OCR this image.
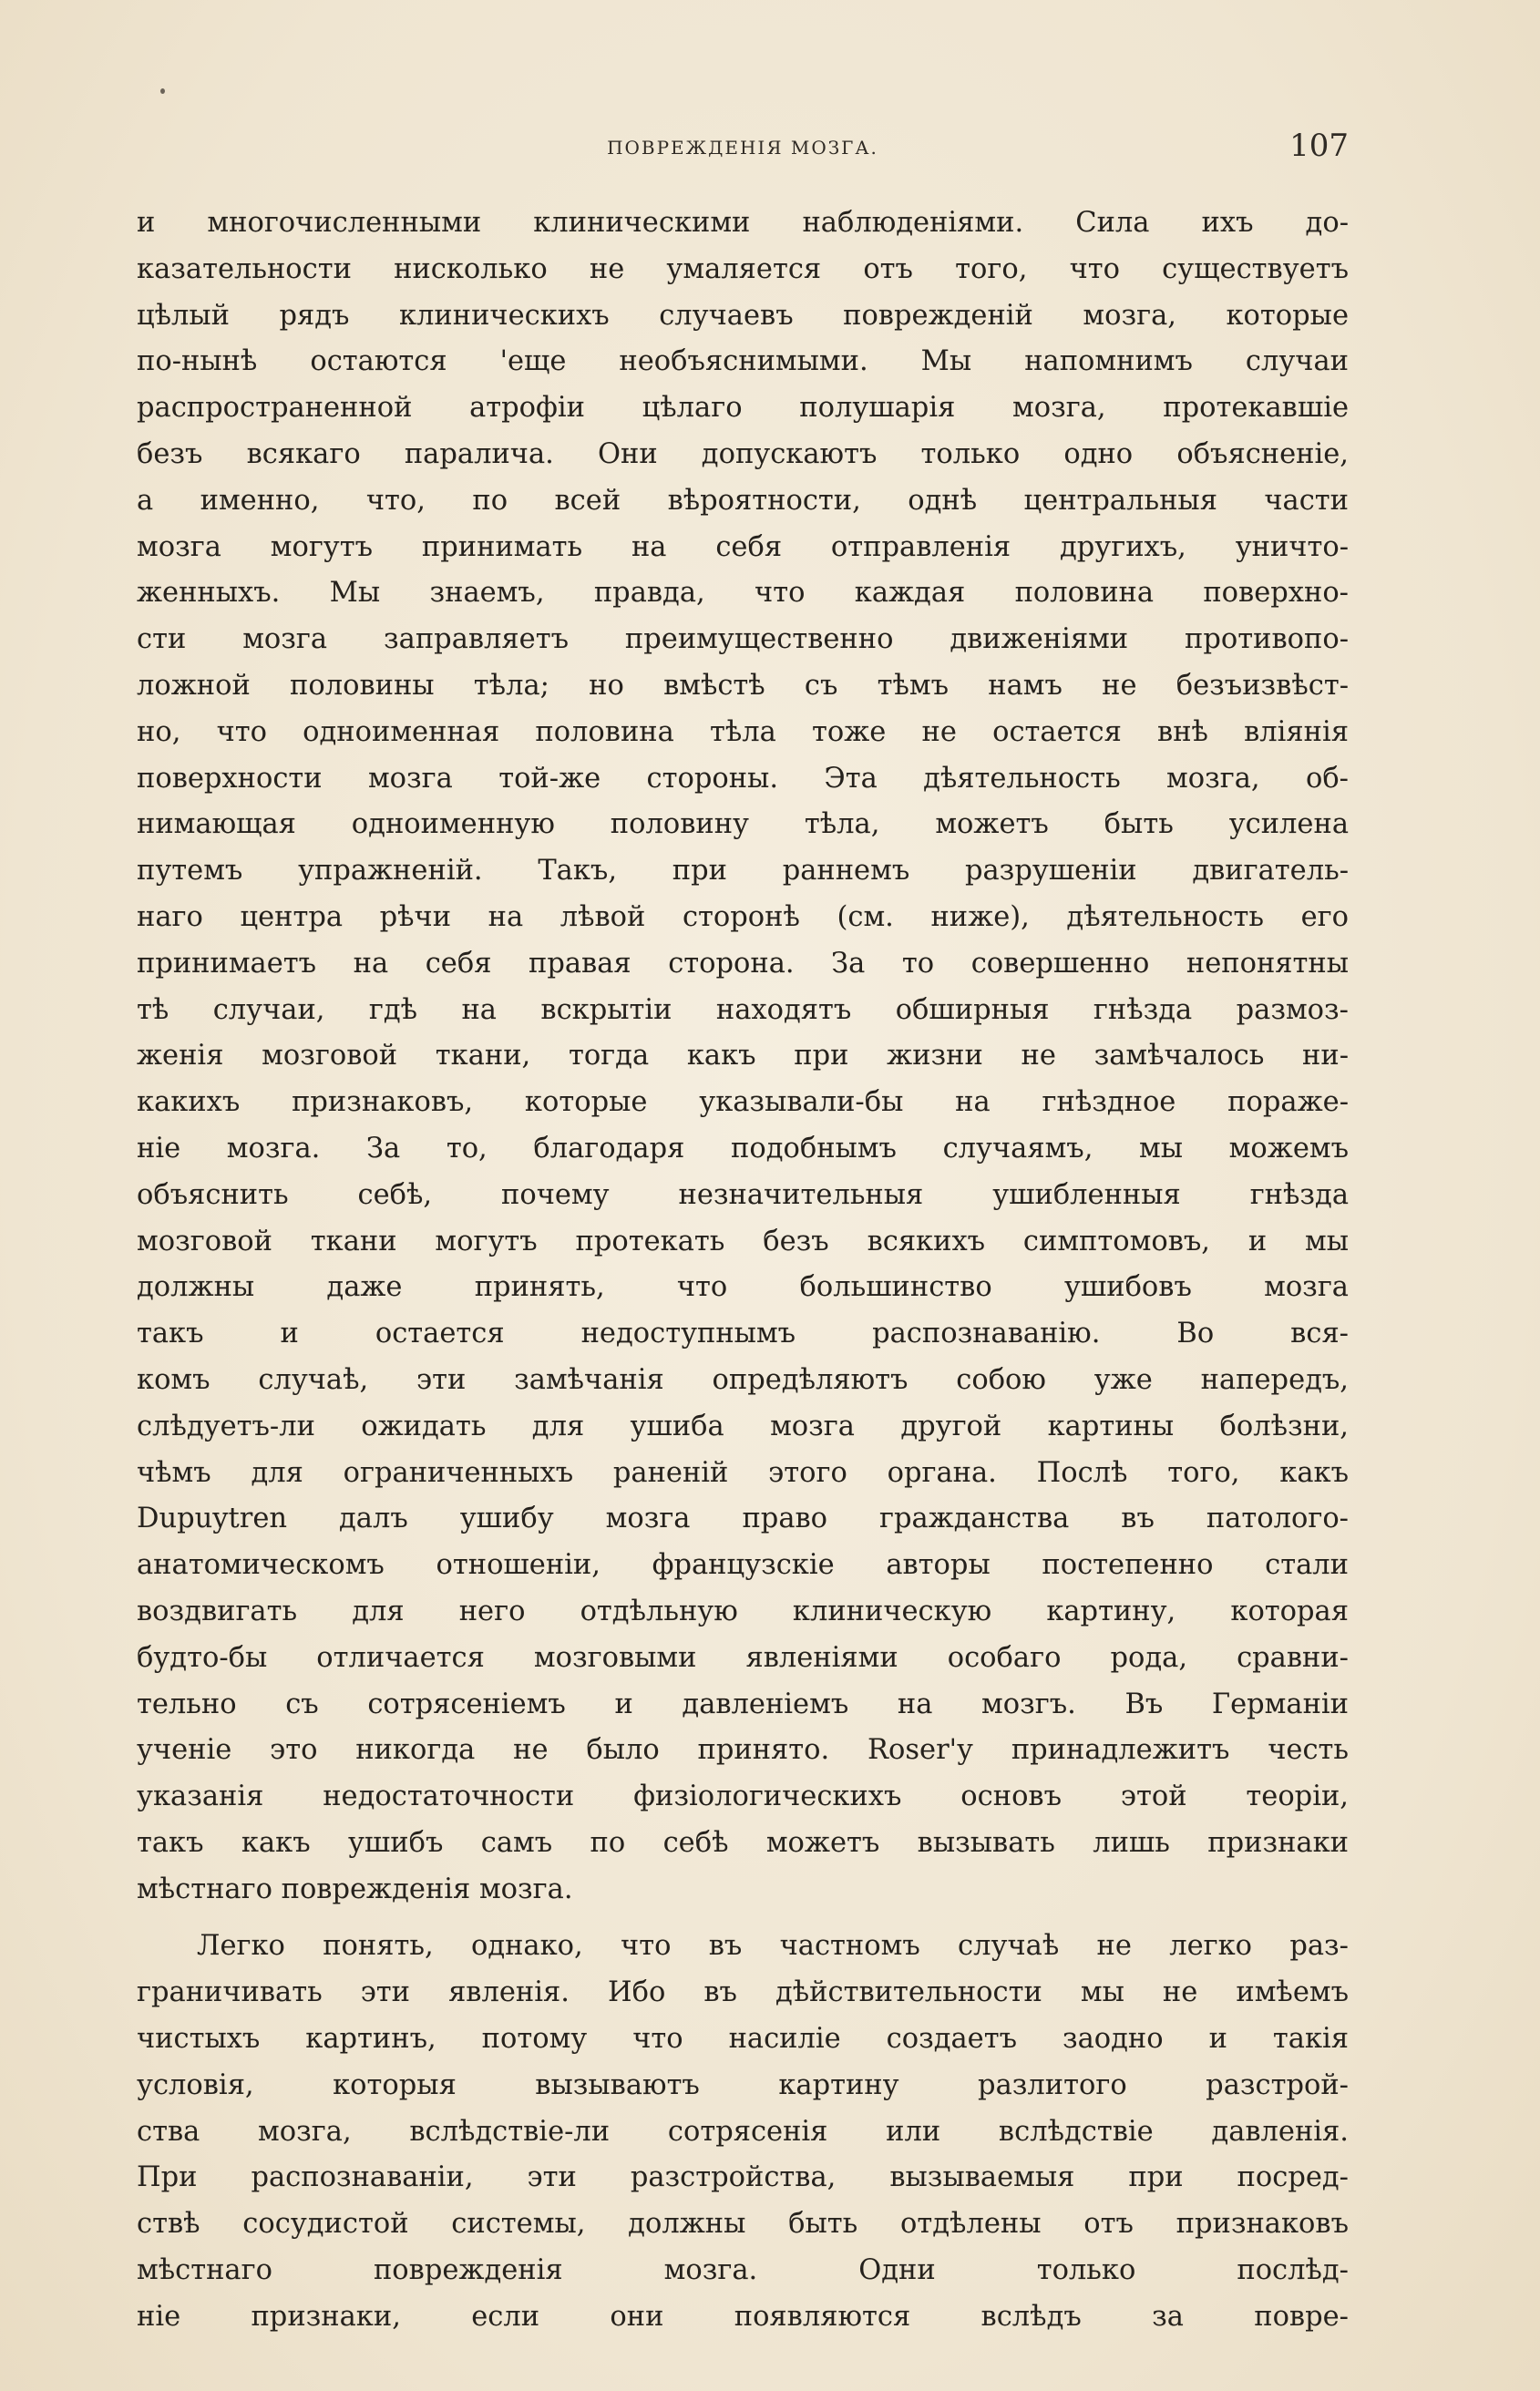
ПОВРЕЖДЕНІЯ МОЗГА.	107
и многочисленными клиническими наблюденіями. Сила ихъ до-
казательности нисколько не умаляется отъ того, что существуетъ
цѣлый рядъ клиническихъ случаевъ поврежденій мозга, которые
по-нынѣ остаются 'еще необъяснимыми. Мы напомнимъ случаи
распространенной атрофіи цѣлаго полушарія мозга, протекавшіе
безъ всякаго паралича. Они допускаютъ только одно объясненіе,
а именно, что, по всей вѣроятности, однѣ центральныя части
мозга могутъ принимать на себя отправленія другихъ, уничто-
женныхъ. Мы знаемъ, правда, что каждая половина поверхно-
сти мозга заправляетъ преимущественно движеніями противопо-
ложной половины тѣла; но вмѣстѣ съ тѣмъ намъ не безъизвѣст-
но, что одноименная половина тѣла тоже не остается внѣ вліянія
поверхности мозга той-же стороны. Эта дѣятельность мозга, об-
нимающая одноименную половину тѣла, можетъ быть усилена
путемъ упражненій. Такъ, при раннемъ разрушеніи двигатель-
наго центра рѣчи на лѣвой сторонѣ (см. ниже), дѣятельность его
принимаетъ на себя правая сторона. За то совершенно непонятны
тѣ случаи, гдѣ на вскрытіи находятъ обширныя гнѣзда размоз-
женія мозговой ткани, тогда какъ при жизни не замѣчалось ни-
какихъ признаковъ, которые указывали-бы на гнѣздное пораже-
ніе мозга. За то, благодаря подобнымъ случаямъ, мы можемъ
объяснить себѣ, почему незначительныя ушибленныя гнѣзда
мозговой ткани могутъ протекать безъ всякихъ симптомовъ, и мы
должны даже принять, что большинство ушибовъ мозга
такъ и остается недоступнымъ распознаванію. Во вся-
комъ случаѣ, эти замѣчанія опредѣляютъ собою уже напередъ,
слѣдуетъ-ли ожидать для ушиба мозга другой картины болѣзни,
чѣмъ для ограниченныхъ раненій этого органа. Послѣ того, какъ
Dupuytren далъ ушибу мозга право гражданства въ патолого-
анатомическомъ отношеніи, французскіе авторы постепенно стали
воздвигать для него отдѣльную клиническую картину, которая
будто-бы отличается мозговыми явленіями особаго рода, сравни-
тельно съ сотрясеніемъ и давленіемъ на мозгъ. Въ Германіи
ученіе это никогда не было принято. Roser'у принадлежитъ честь
указанія недостаточности физіологическихъ основъ этой теоріи,
такъ какъ ушибъ самъ по себѣ можетъ вызывать лишь признаки
мѣстнаго поврежденія мозга.
Легко понять, однако, что въ частномъ случаѣ не легко раз-
граничивать эти явленія. Ибо въ дѣйствительности мы не имѣемъ
чистыхъ картинъ, потому что насиліе создаетъ заодно и такія
условія, которыя вызываютъ картину разлитого разстрой-
ства мозга, вслѣдствіе-ли сотрясенія или вслѣдствіе давленія.
При распознаваніи, эти разстройства, вызываемыя при посред-
ствѣ сосудистой системы, должны быть отдѣлены отъ признаковъ
мѣстнаго поврежденія мозга. Одни только послѣд-
ніе признаки, если они появляются вслѣдъ за повре-
